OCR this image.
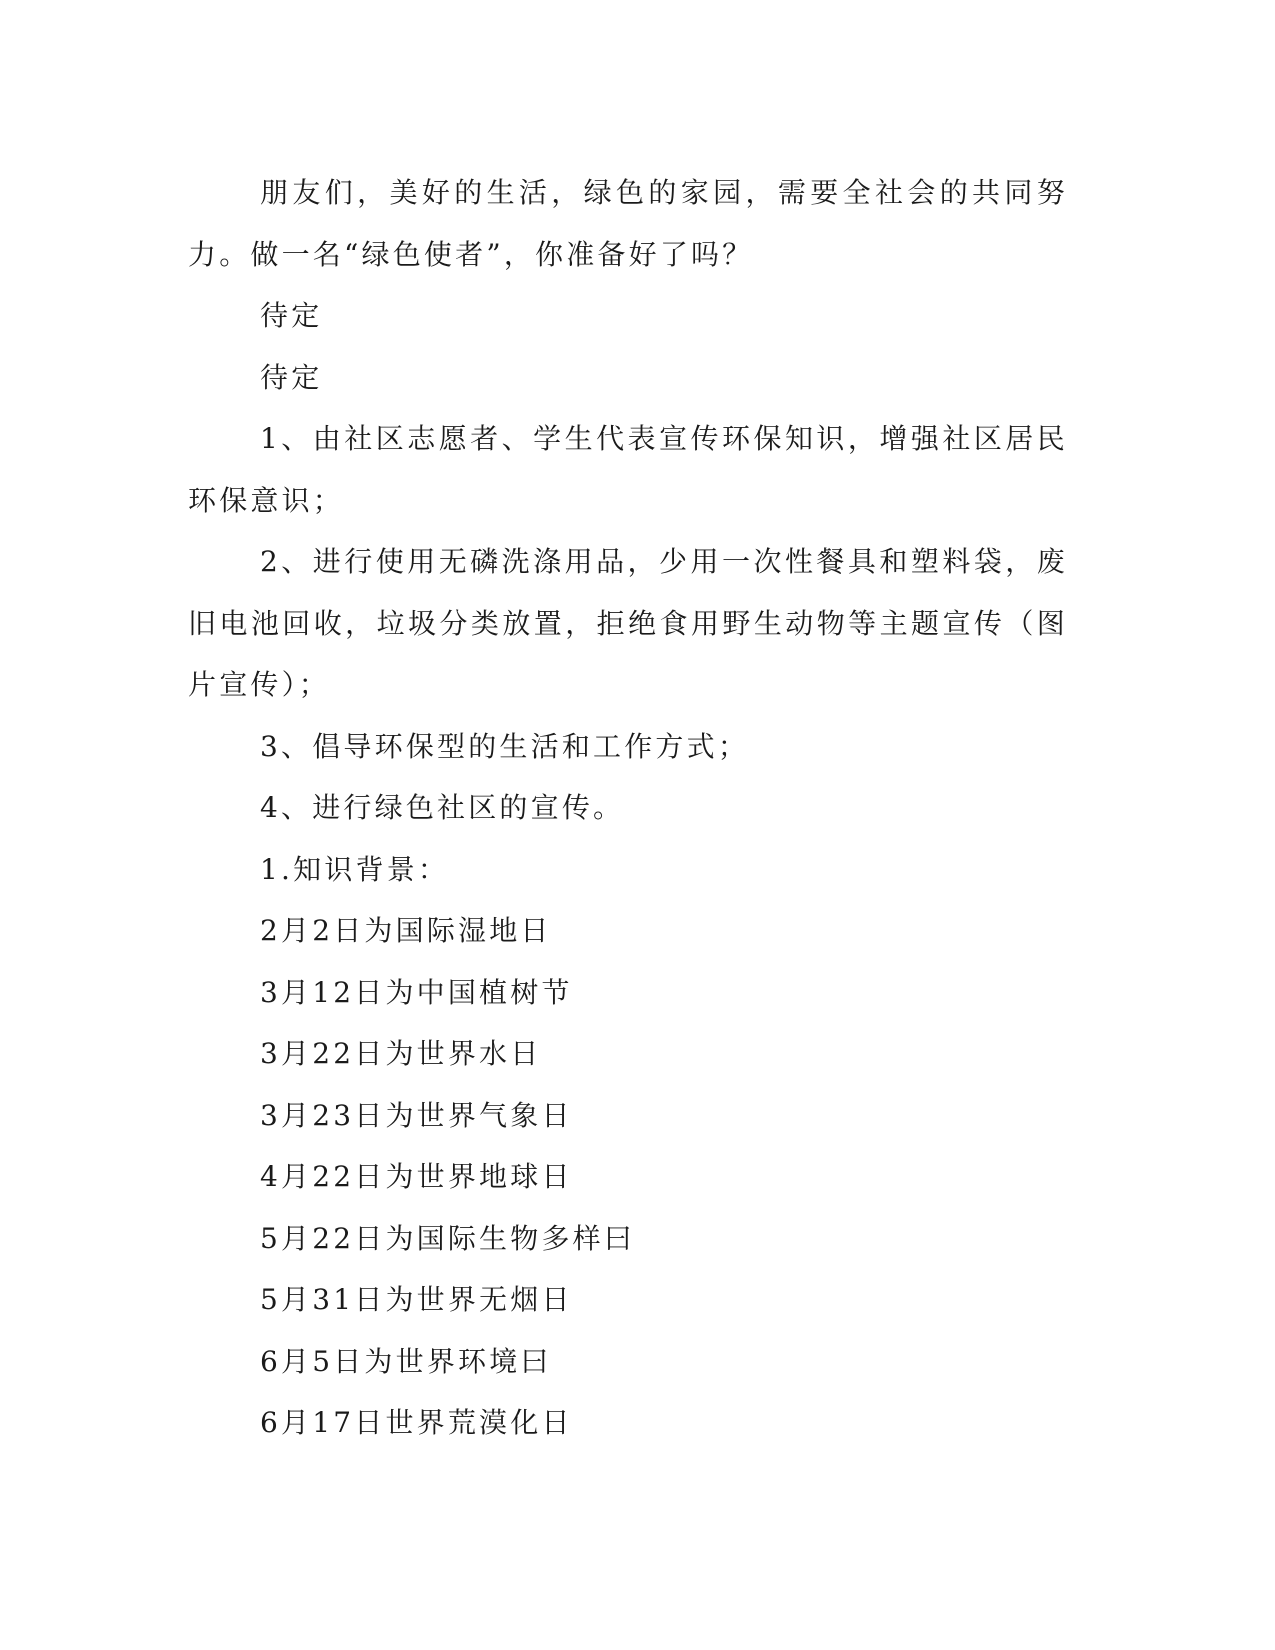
朋友们，美好的生活，绿色的家园，需要全社会的共同努力。做一名“绿色使者”，你准备好了吗？

待定

待定

1、由社区志愿者、学生代表宣传环保知识，增强社区居民环保意识；

2、进行使用无磷洗涤用品，少用一次性餐具和塑料袋，废旧电池回收，垃圾分类放置，拒绝食用野生动物等主题宣传（图片宣传）；

3、倡导环保型的生活和工作方式；

4、进行绿色社区的宣传。

1.知识背景：

2月2日为国际湿地日

3月12日为中国植树节

3月22日为世界水日

3月23日为世界气象日

4月22日为世界地球日

5月22日为国际生物多样曰

5月31日为世界无烟日

6月5日为世界环境曰

6月17日世界荒漠化日
